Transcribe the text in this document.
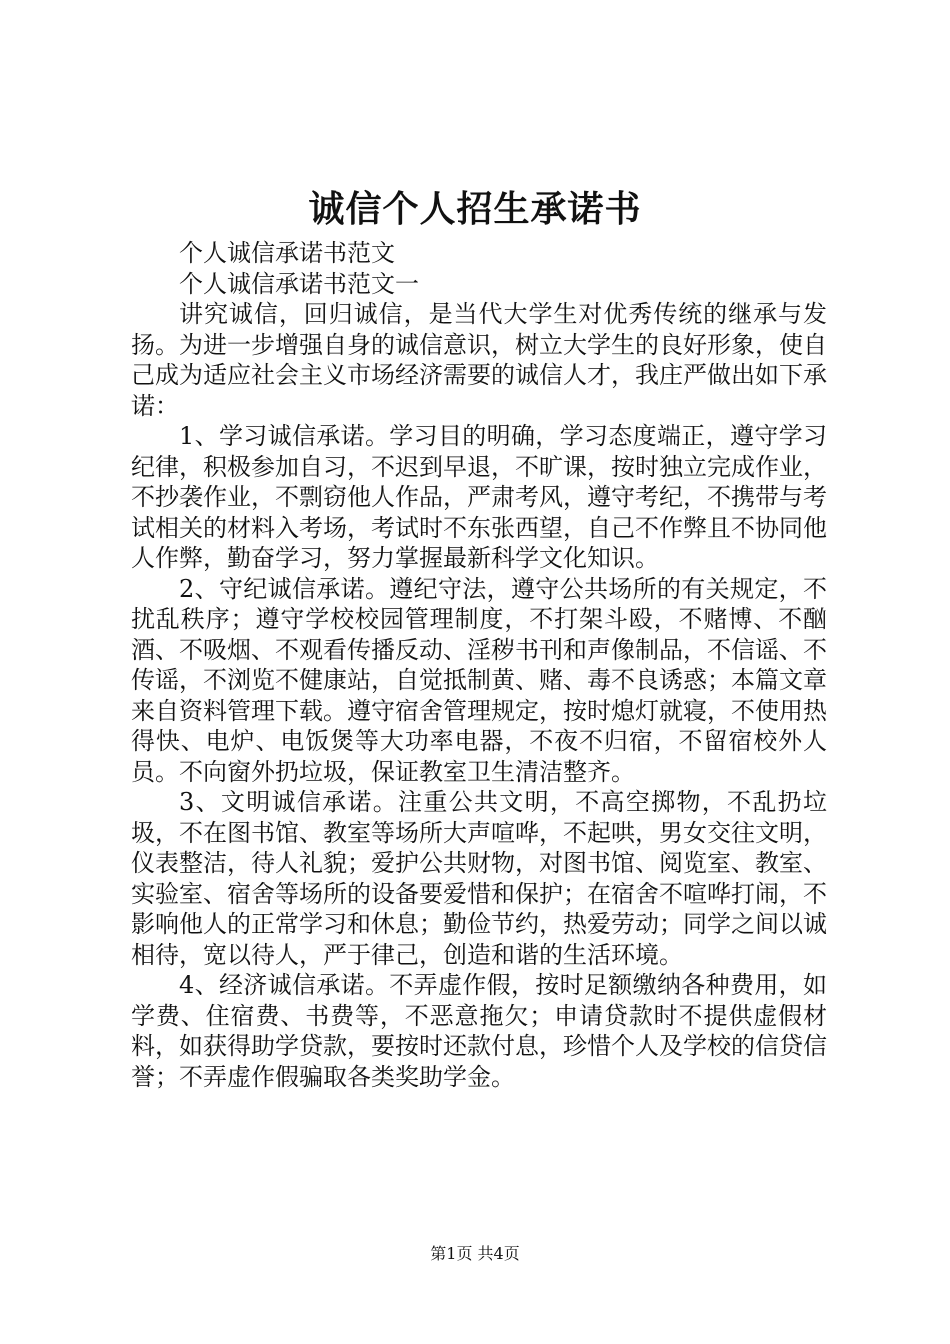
诚信个人招生承诺书

个人诚信承诺书范文

个人诚信承诺书范文一

讲究诚信，回归诚信，是当代大学生对优秀传统的继承与发扬。为进一步增强自身的诚信意识，树立大学生的良好形象，使自己成为适应社会主义市场经济需要的诚信人才，我庄严做出如下承诺：

1、学习诚信承诺。学习目的明确，学习态度端正，遵守学习纪律，积极参加自习，不迟到早退，不旷课，按时独立完成作业，不抄袭作业，不剽窃他人作品，严肃考风，遵守考纪，不携带与考试相关的材料入考场，考试时不东张西望，自己不作弊且不协同他人作弊，勤奋学习，努力掌握最新科学文化知识。

2、守纪诚信承诺。遵纪守法，遵守公共场所的有关规定，不扰乱秩序；遵守学校校园管理制度，不打架斗殴，不赌博、不酗酒、不吸烟、不观看传播反动、淫秽书刊和声像制品，不信谣、不传谣，不浏览不健康站，自觉抵制黄、赌、毒不良诱惑；本篇文章来自资料管理下载。遵守宿舍管理规定，按时熄灯就寝，不使用热得快、电炉、电饭煲等大功率电器，不夜不归宿，不留宿校外人员。不向窗外扔垃圾，保证教室卫生清洁整齐。

3、文明诚信承诺。注重公共文明，不高空掷物，不乱扔垃圾，不在图书馆、教室等场所大声喧哗，不起哄，男女交往文明，仪表整洁，待人礼貌；爱护公共财物，对图书馆、阅览室、教室、实验室、宿舍等场所的设备要爱惜和保护；在宿舍不喧哗打闹，不影响他人的正常学习和休息；勤俭节约，热爱劳动；同学之间以诚相待，宽以待人，严于律己，创造和谐的生活环境。

4、经济诚信承诺。不弄虚作假，按时足额缴纳各种费用，如学费、住宿费、书费等，不恶意拖欠；申请贷款时不提供虚假材料，如获得助学贷款，要按时还款付息，珍惜个人及学校的信贷信誉；不弄虚作假骗取各类奖助学金。

第1页 共4页
